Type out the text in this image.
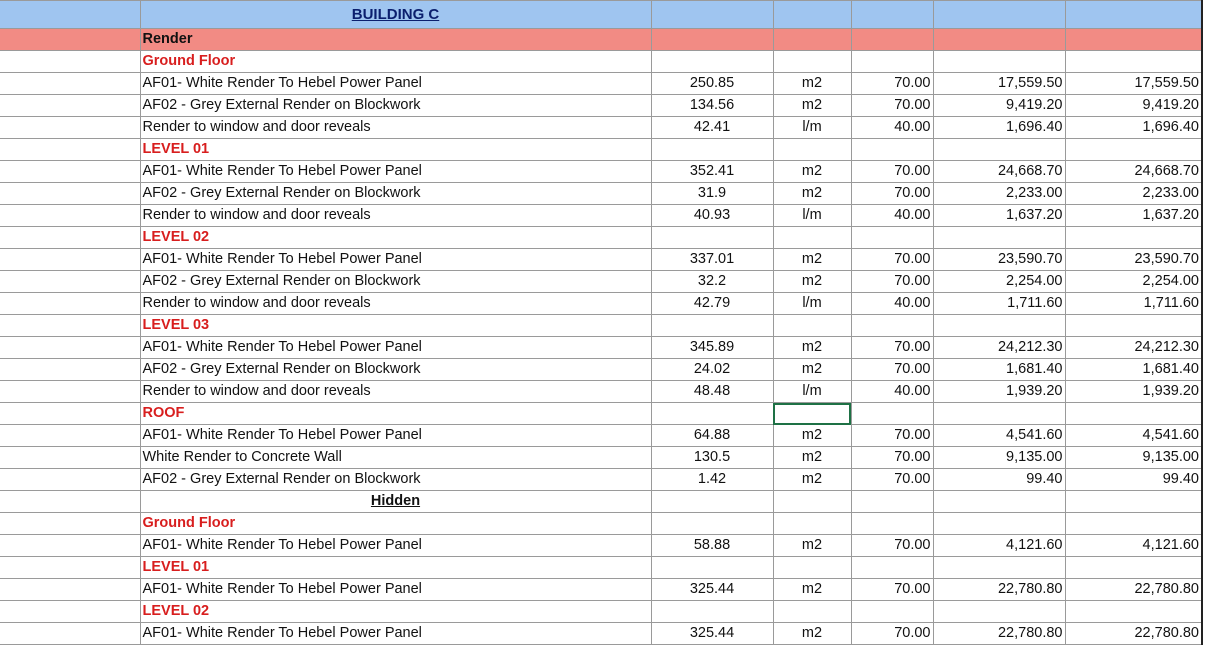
	BUILDING C					
	Render					
	Ground Floor					
	AF01- White Render To Hebel Power Panel	250.85	m2	70.00	17,559.50	17,559.50
	AF02 - Grey External Render on Blockwork	134.56	m2	70.00	9,419.20	9,419.20
	Render to window and door reveals	42.41	l/m	40.00	1,696.40	1,696.40
	LEVEL 01					
	AF01- White Render To Hebel Power Panel	352.41	m2	70.00	24,668.70	24,668.70
	AF02 - Grey External Render on Blockwork	31.9	m2	70.00	2,233.00	2,233.00
	Render to window and door reveals	40.93	l/m	40.00	1,637.20	1,637.20
	LEVEL 02					
	AF01- White Render To Hebel Power Panel	337.01	m2	70.00	23,590.70	23,590.70
	AF02 - Grey External Render on Blockwork	32.2	m2	70.00	2,254.00	2,254.00
	Render to window and door reveals	42.79	l/m	40.00	1,711.60	1,711.60
	LEVEL 03					
	AF01- White Render To Hebel Power Panel	345.89	m2	70.00	24,212.30	24,212.30
	AF02 - Grey External Render on Blockwork	24.02	m2	70.00	1,681.40	1,681.40
	Render to window and door reveals	48.48	l/m	40.00	1,939.20	1,939.20
	ROOF					
	AF01- White Render To Hebel Power Panel	64.88	m2	70.00	4,541.60	4,541.60
	White Render to Concrete Wall	130.5	m2	70.00	9,135.00	9,135.00
	AF02 - Grey External Render on Blockwork	1.42	m2	70.00	99.40	99.40
	Hidden					
	Ground Floor					
	AF01- White Render To Hebel Power Panel	58.88	m2	70.00	4,121.60	4,121.60
	LEVEL 01					
	AF01- White Render To Hebel Power Panel	325.44	m2	70.00	22,780.80	22,780.80
	LEVEL 02					
	AF01- White Render To Hebel Power Panel	325.44	m2	70.00	22,780.80	22,780.80
